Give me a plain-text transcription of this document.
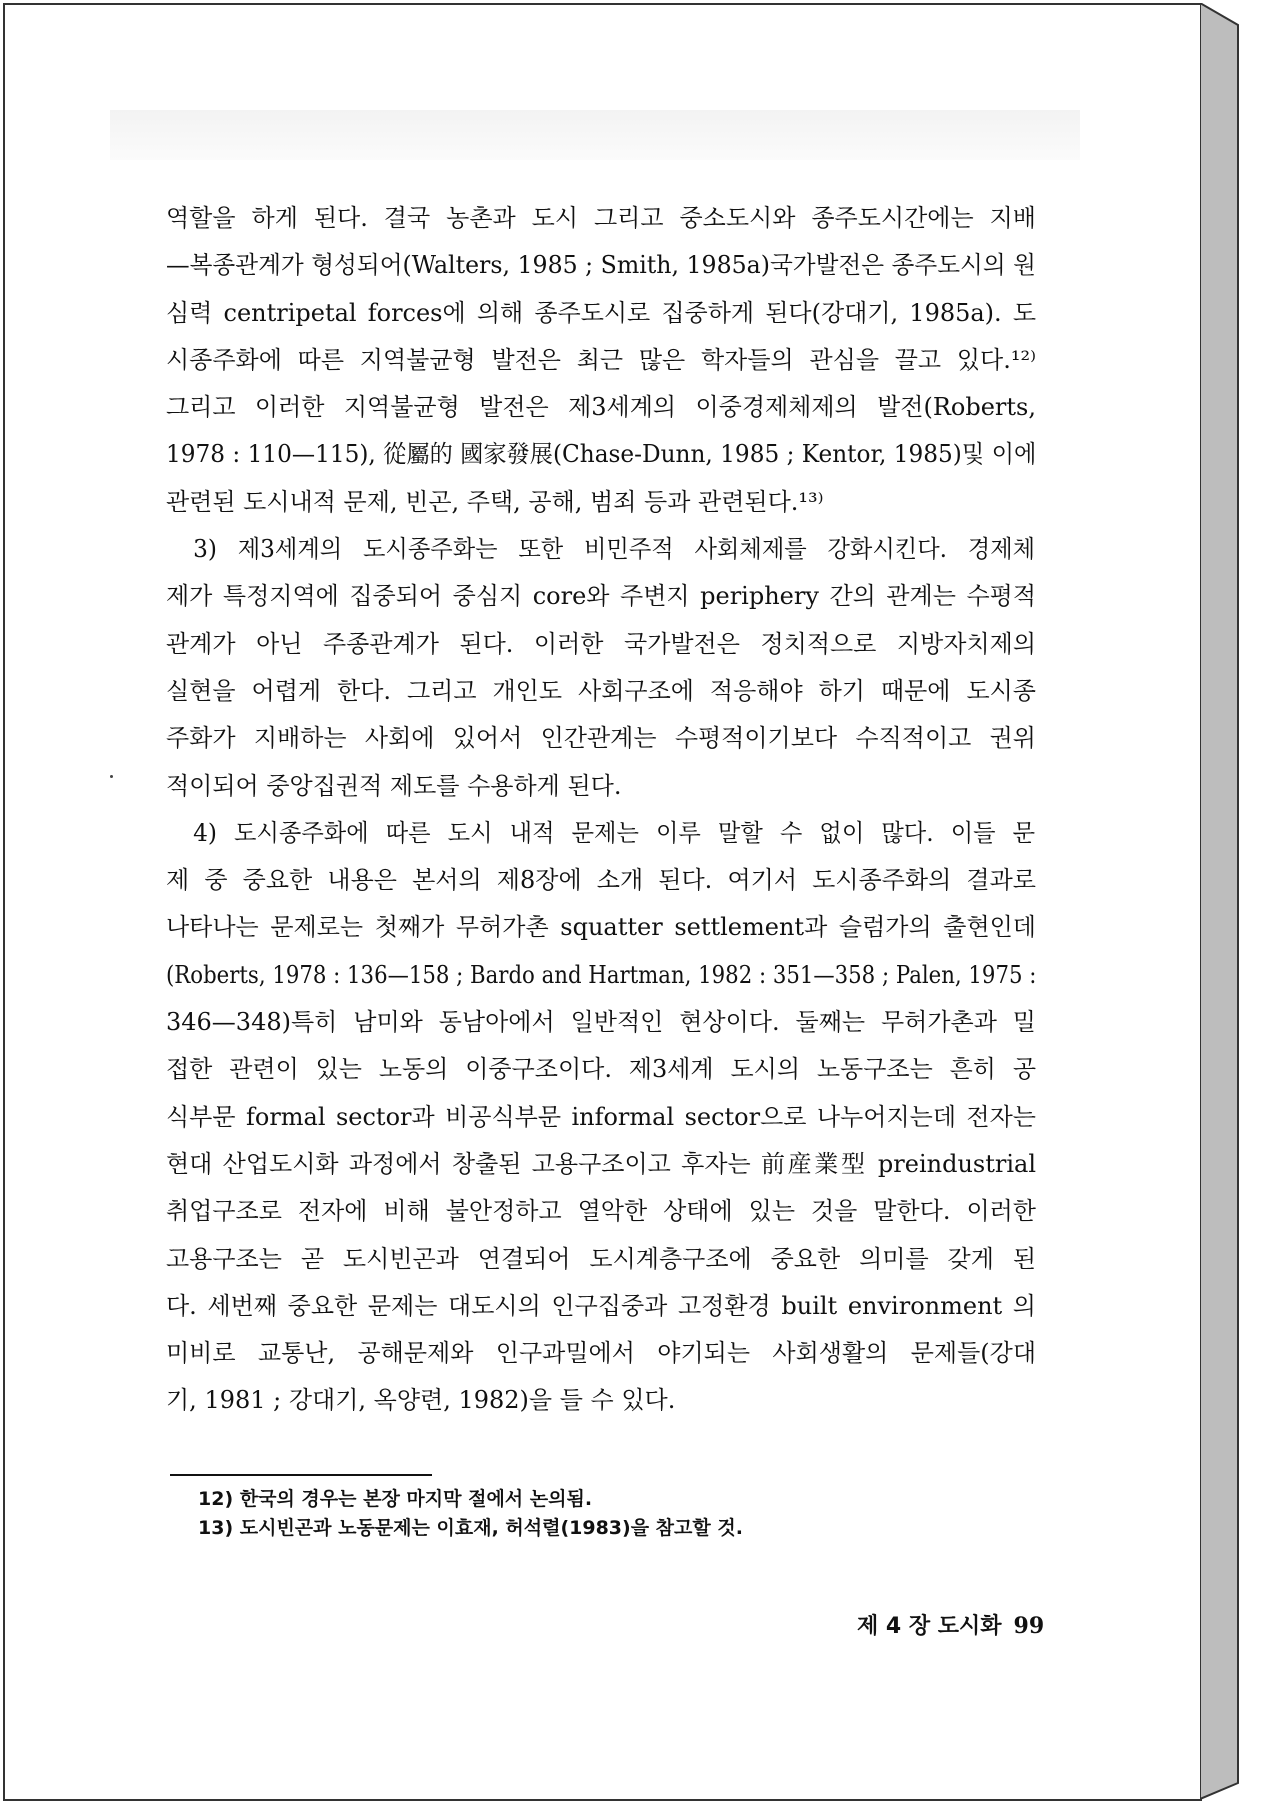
역할을 하게 된다. 결국 농촌과 도시 그리고 중소도시와 종주도시간에는 지배
—복종관계가 형성되어(Walters, 1985 ; Smith, 1985a)국가발전은 종주도시의 원
심력 centripetal forces에 의해 종주도시로 집중하게 된다(강대기, 1985a). 도
시종주화에 따른 지역불균형 발전은 최근 많은 학자들의 관심을 끌고 있다.¹²⁾
그리고 이러한 지역불균형 발전은 제3세계의 이중경제체제의 발전(Roberts,
1978 : 110—115), 從屬的 國家發展(Chase-Dunn, 1985 ; Kentor, 1985)및 이에
관련된 도시내적 문제, 빈곤, 주택, 공해, 범죄 등과 관련된다.¹³⁾
3) 제3세계의 도시종주화는 또한 비민주적 사회체제를 강화시킨다. 경제체
제가 특정지역에 집중되어 중심지 core와 주변지 periphery 간의 관계는 수평적
관계가 아닌 주종관계가 된다. 이러한 국가발전은 정치적으로 지방자치제의
실현을 어렵게 한다. 그리고 개인도 사회구조에 적응해야 하기 때문에 도시종
주화가 지배하는 사회에 있어서 인간관계는 수평적이기보다 수직적이고 권위
적이되어 중앙집권적 제도를 수용하게 된다.
4) 도시종주화에 따른 도시 내적 문제는 이루 말할 수 없이 많다. 이들 문
제 중 중요한 내용은 본서의 제8장에 소개 된다. 여기서 도시종주화의 결과로
나타나는 문제로는 첫째가 무허가촌 squatter settlement과 슬럼가의 출현인데
(Roberts, 1978 : 136—158 ; Bardo and Hartman, 1982 : 351—358 ; Palen, 1975 :
346—348)특히 남미와 동남아에서 일반적인 현상이다. 둘째는 무허가촌과 밀
접한 관련이 있는 노동의 이중구조이다. 제3세계 도시의 노동구조는 흔히 공
식부문 formal sector과 비공식부문 informal sector으로 나누어지는데 전자는
현대 산업도시화 과정에서 창출된 고용구조이고 후자는 前産業型 preindustrial
취업구조로 전자에 비해 불안정하고 열악한 상태에 있는 것을 말한다. 이러한
고용구조는 곧 도시빈곤과 연결되어 도시계층구조에 중요한 의미를 갖게 된
다. 세번째 중요한 문제는 대도시의 인구집중과 고정환경 built environment 의
미비로 교통난, 공해문제와 인구과밀에서 야기되는 사회생활의 문제들(강대
기, 1981 ; 강대기, 옥양련, 1982)을 들 수 있다.
12) 한국의 경우는 본장 마지막 절에서 논의됨.
13) 도시빈곤과 노동문제는 이효재, 허석렬(1983)을 참고할 것.
제 4 장 도시화 99
